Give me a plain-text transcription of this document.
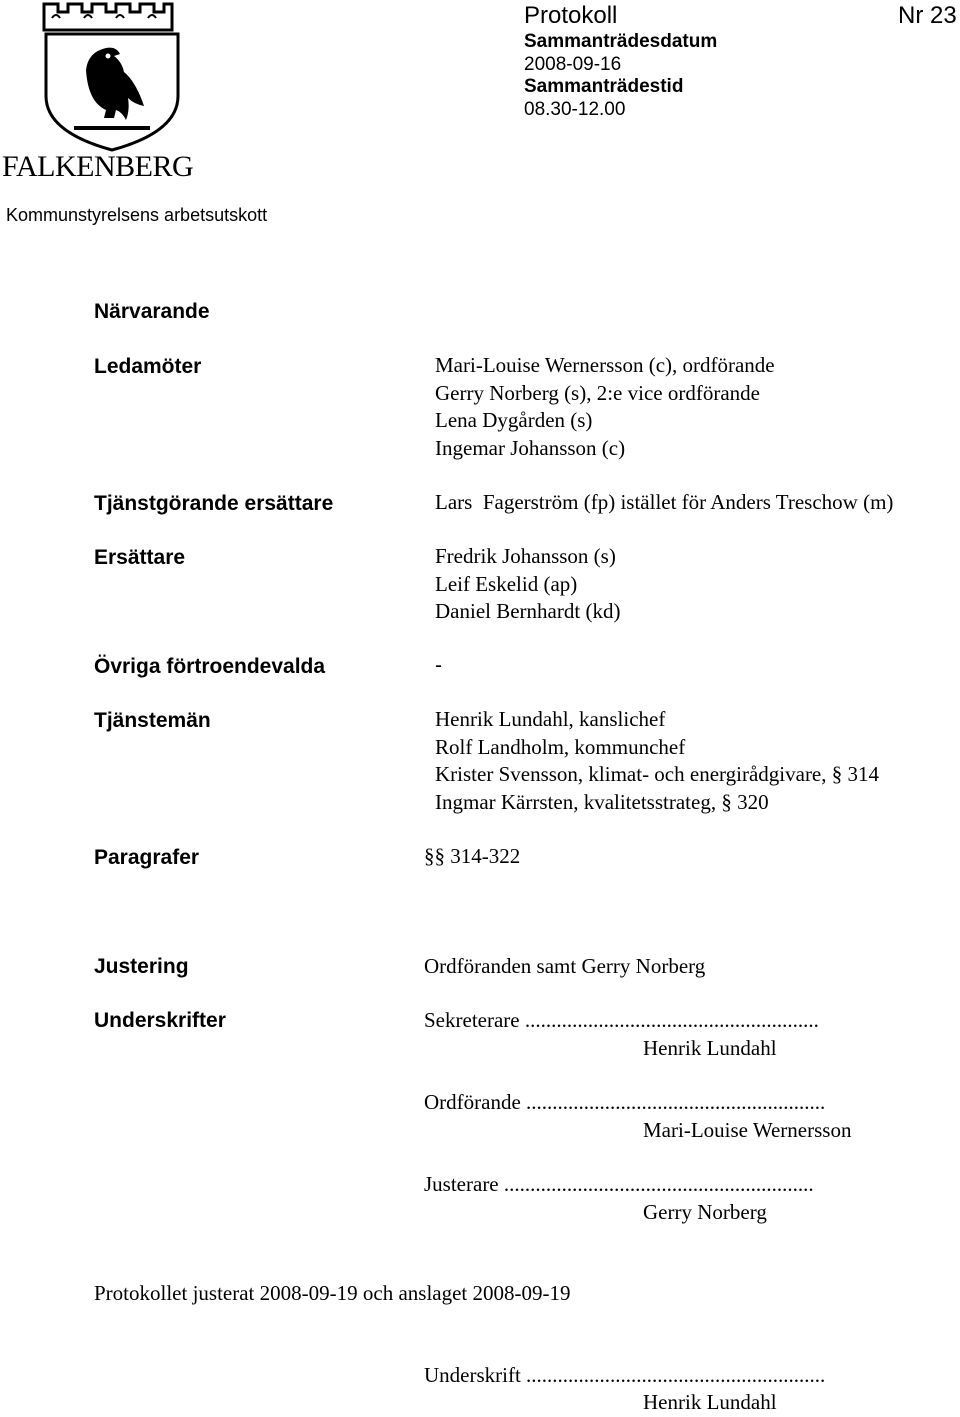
FALKENBERG
Kommunstyrelsens arbetsutskott
Protokoll	Nr 23
Sammanträdesdatum
2008-09-16
Sammanträdestid
08.30-12.00
Närvarande
Ledamöter	Mari-Louise Wernersson (c), ordförande
Gerry Norberg (s), 2:e vice ordförande
Lena Dygården (s)
Ingemar Johansson (c)
Tjänstgörande ersättare	Lars  Fagerström (fp) istället för Anders Treschow (m)
Ersättare	Fredrik Johansson (s)
Leif Eskelid (ap)
Daniel Bernhardt (kd)
Övriga förtroendevalda	-
Tjänstemän	Henrik Lundahl, kanslichef
Rolf Landholm, kommunchef
Krister Svensson, klimat- och energirådgivare, § 314
Ingmar Kärrsten, kvalitetsstrateg, § 320
Paragrafer	§§ 314-322
Justering	Ordföranden samt Gerry Norberg
Underskrifter	Sekreterare ........................................................
Henrik Lundahl
Ordförande .........................................................
Mari-Louise Wernersson
Justerare ...........................................................
Gerry Norberg
Protokollet justerat 2008-09-19 och anslaget 2008-09-19
Underskrift .........................................................
Henrik Lundahl
